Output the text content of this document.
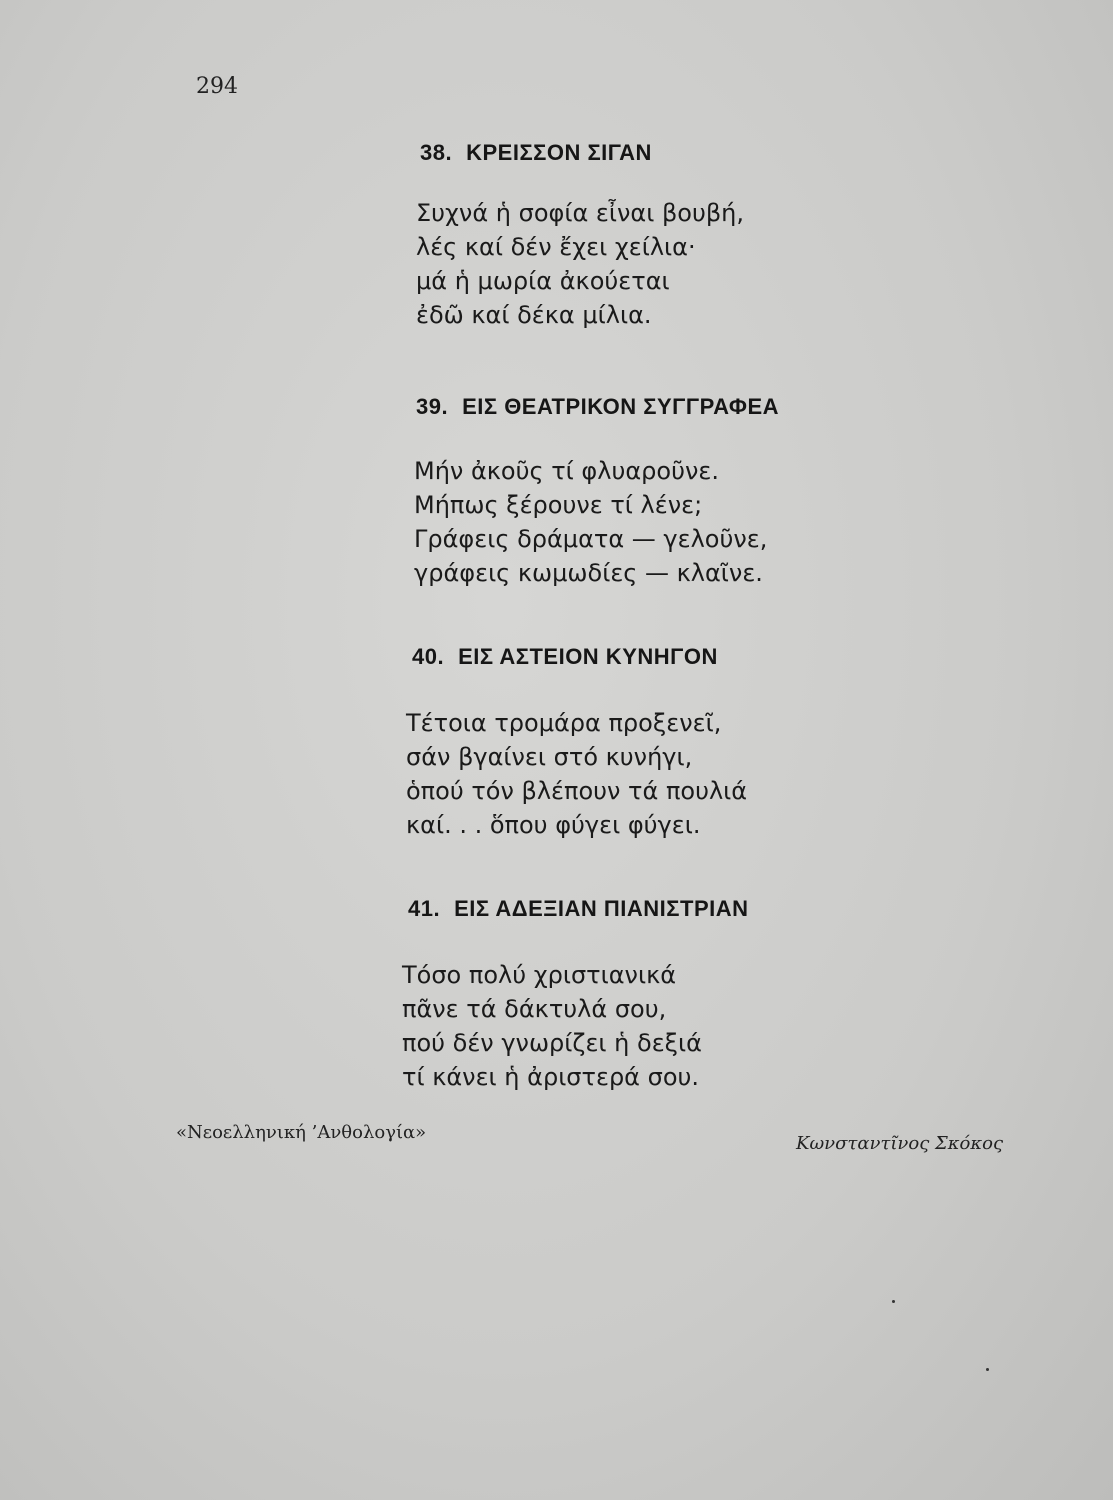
294
38. ΚΡΕΙΣΣΟΝ ΣΙΓΑΝ
Συχνά ἡ σοφία εἶναι βουβή,
λές καί δέν ἔχει χείλια·
μά ἡ μωρία ἀκούεται
ἐδῶ καί δέκα μίλια.
39. ΕΙΣ ΘΕΑΤΡΙΚΟΝ ΣΥΓΓΡΑΦΕΑ
Μήν ἀκοῦς τί φλυαροῦνε.
Μήπως ξέρουνε τί λένε;
Γράφεις δράματα — γελοῦνε,
γράφεις κωμωδίες — κλαῖνε.
40. ΕΙΣ ΑΣΤΕΙΟΝ ΚΥΝΗΓΟΝ
Τέτοια τρομάρα προξενεῖ,
σάν βγαίνει στό κυνήγι,
ὁπού τόν βλέπουν τά πουλιά
καί. . . ὅπου φύγει φύγει.
41. ΕΙΣ ΑΔΕΞΙΑΝ ΠΙΑΝΙΣΤΡΙΑΝ
Τόσο πολύ χριστιανικά
πᾶνε τά δάκτυλά σου,
πού δέν γνωρίζει ἡ δεξιά
τί κάνει ἡ ἀριστερά σου.
«Νεοελληνική ’Ανθολογία»
Κωνσταντῖνος Σκόκος
